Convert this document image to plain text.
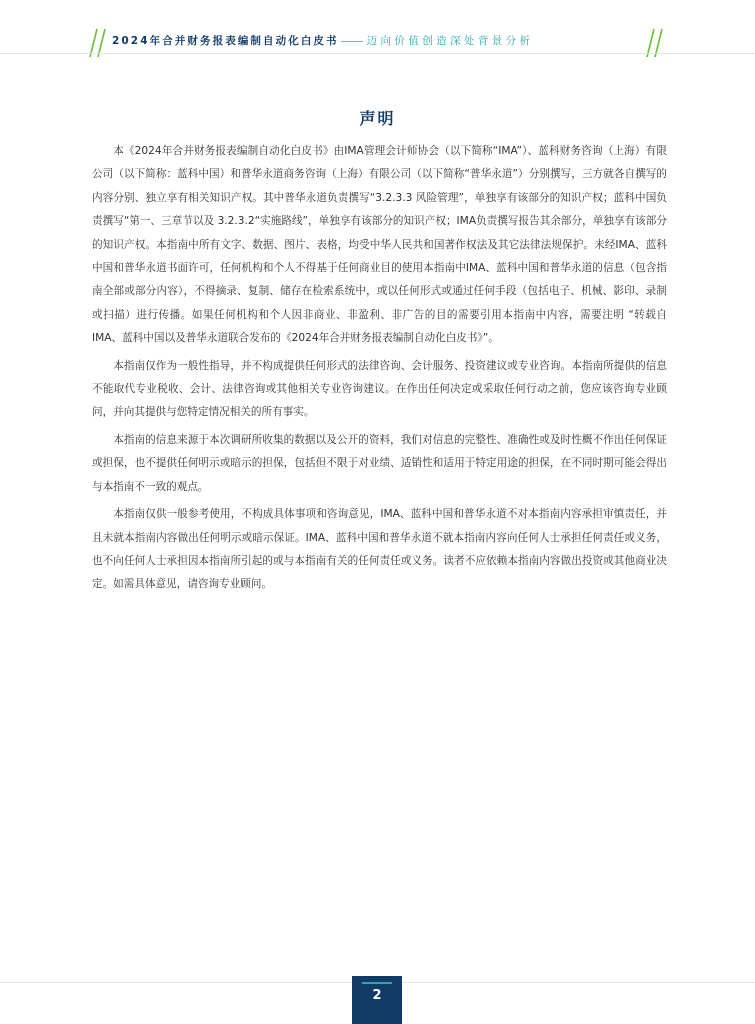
2024年合并财务报表编制自动化白皮书	迈向价值创造深处背景分析
声明

本《2024年合并财务报表编制自动化白皮书》由IMA管理会计师协会（以下简称“IMA”）、蓝科财务咨询（上海）有限公司（以下简称：蓝科中国）和普华永道商务咨询（上海）有限公司（以下简称“普华永道”）分别撰写，三方就各自撰写的内容分别、独立享有相关知识产权。其中普华永道负责撰写“3.2.3.3 风险管理”，单独享有该部分的知识产权；蓝科中国负责撰写“第一、三章节以及 3.2.3.2“实施路线”，单独享有该部分的知识产权；IMA负责撰写报告其余部分，单独享有该部分的知识产权。本指南中所有文字、数据、图片、表格，均受中华人民共和国著作权法及其它法律法规保护。未经IMA、蓝科中国和普华永道书面许可，任何机构和个人不得基于任何商业目的使用本指南中IMA、蓝科中国和普华永道的信息（包含指南全部或部分内容），不得摘录、复制、储存在检索系统中，或以任何形式或通过任何手段（包括电子、机械、影印、录制或扫描）进行传播。如果任何机构和个人因非商业、非盈利、非广告的目的需要引用本指南中内容，需要注明 “转载自IMA、蓝科中国以及普华永道联合发布的《2024年合并财务报表编制自动化白皮书》”。

本指南仅作为一般性指导，并不构成提供任何形式的法律咨询、会计服务、投资建议或专业咨询。本指南所提供的信息不能取代专业税收、会计、法律咨询或其他相关专业咨询建议。在作出任何决定或采取任何行动之前，您应该咨询专业顾问，并向其提供与您特定情况相关的所有事实。

本指南的信息来源于本次调研所收集的数据以及公开的资料，我们对信息的完整性、准确性或及时性概不作出任何保证或担保，也不提供任何明示或暗示的担保，包括但不限于对业绩、适销性和适用于特定用途的担保，在不同时期可能会得出与本指南不一致的观点。

本指南仅供一般参考使用，不构成具体事项和咨询意见，IMA、蓝科中国和普华永道不对本指南内容承担审慎责任，并且未就本指南内容做出任何明示或暗示保证。IMA、蓝科中国和普华永道不就本指南内容向任何人士承担任何责任或义务，也不向任何人士承担因本指南所引起的或与本指南有关的任何责任或义务。读者不应依赖本指南内容做出投资或其他商业决定。如需具体意见，请咨询专业顾问。

2
